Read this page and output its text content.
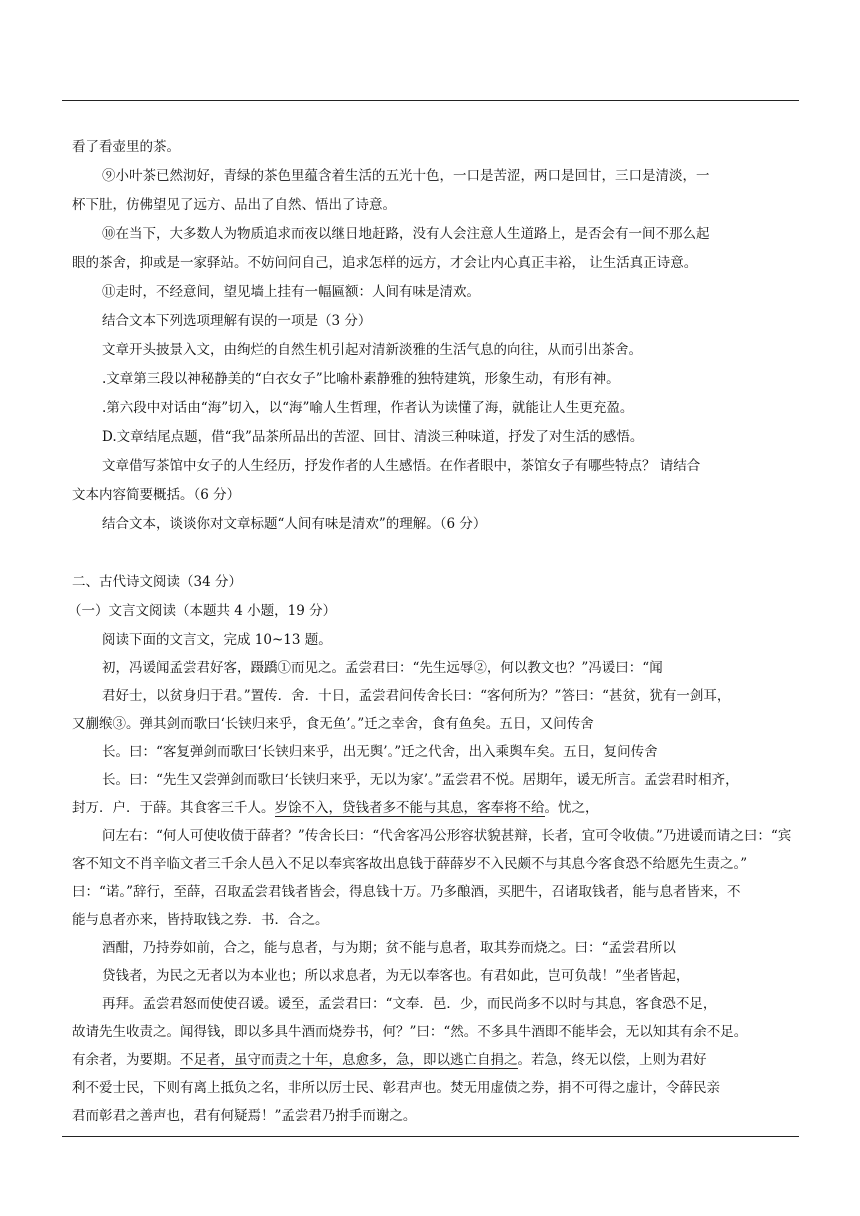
看了看壶里的茶。

⑨小叶茶已然沏好，青绿的茶色里蕴含着生活的五光十色，一口是苦涩，两口是回甘，三口是清淡，一

杯下肚，仿佛望见了远方、品出了自然、悟出了诗意。

⑩在当下，大多数人为物质追求而夜以继日地赶路，没有人会注意人生道路上，是否会有一间不那么起

眼的茶舍，抑或是一家驿站。不妨问问自己，追求怎样的远方，才会让内心真正丰裕， 让生活真正诗意。

⑪走时，不经意间，望见墙上挂有一幅匾额：人间有味是清欢。

结合文本下列选项理解有误的一项是（3 分）

文章开头披景入文，由绚烂的自然生机引起对清新淡雅的生活气息的向往，从而引出茶舍。

.文章第三段以神秘静美的“白衣女子”比喻朴素静雅的独特建筑，形象生动，有形有神。

.第六段中对话由“海”切入，以“海”喻人生哲理，作者认为读懂了海，就能让人生更充盈。

D.文章结尾点题，借“我”品茶所品出的苦涩、回甘、清淡三种味道，抒发了对生活的感悟。

文章借写茶馆中女子的人生经历，抒发作者的人生感悟。在作者眼中，茶馆女子有哪些特点？ 请结合

文本内容简要概括。（6 分）

结合文本，谈谈你对文章标题“人间有味是清欢”的理解。（6 分）

二、古代诗文阅读（34 分）

（一）文言文阅读（本题共 4 小题，19 分）

阅读下面的文言文，完成 10~13 题。

初，冯谖闻孟尝君好客，蹑蹻①而见之。孟尝君曰：“先生远辱②，何以教文也？”冯谖曰：“闻

君好士，以贫身归于君。”置传．舍．十日，孟尝君问传舍长曰：“客何所为？”答曰：“甚贫，犹有一剑耳，

又蒯缑③。弹其剑而歌曰‘长铗归来乎，食无鱼’。”迁之幸舍，食有鱼矣。五日，又问传舍

长。曰：“客复弹剑而歌曰‘长铗归来乎，出无舆’。”迁之代舍，出入乘舆车矣。五日，复问传舍

长。曰：“先生又尝弹剑而歌曰‘长铗归来乎，无以为家’。”孟尝君不悦。居期年，谖无所言。孟尝君时相齐，

封万．户．于薛。其食客三千人。岁馀不入，贷钱者多不能与其息，客奉将不给。忧之，

问左右：“何人可使收债于薛者？”传舍长曰：“代舍客冯公形容状貌甚辩，长者，宜可令收债。”乃进谖而请之曰：“宾

客不知文不肖辛临文者三千余人邑入不足以奉宾客故出息钱于薛薛岁不入民颇不与其息今客食恐不给愿先生责之。”

曰：“诺。”辞行，至薛，召取孟尝君钱者皆会，得息钱十万。乃多酿酒，买肥牛，召诸取钱者，能与息者皆来，不

能与息者亦来，皆持取钱之券．书．合之。

酒酣，乃持券如前，合之，能与息者，与为期；贫不能与息者，取其券而烧之。曰：“孟尝君所以

贷钱者，为民之无者以为本业也；所以求息者，为无以奉客也。有君如此，岂可负哉！”坐者皆起，

再拜。孟尝君怒而使使召谖。谖至，孟尝君曰：“文奉．邑．少，而民尚多不以时与其息，客食恐不足，

故请先生收责之。闻得钱，即以多具牛酒而烧券书，何？”曰：“然。不多具牛酒即不能毕会，无以知其有余不足。

有余者，为要期。不足者，虽守而责之十年，息愈多，急，即以逃亡自捐之。若急，终无以偿，上则为君好

利不爱士民，下则有离上抵负之名，非所以厉士民、彰君声也。焚无用虚债之券，捐不可得之虚计，令薛民亲

君而彰君之善声也，君有何疑焉！”孟尝君乃拊手而谢之。
